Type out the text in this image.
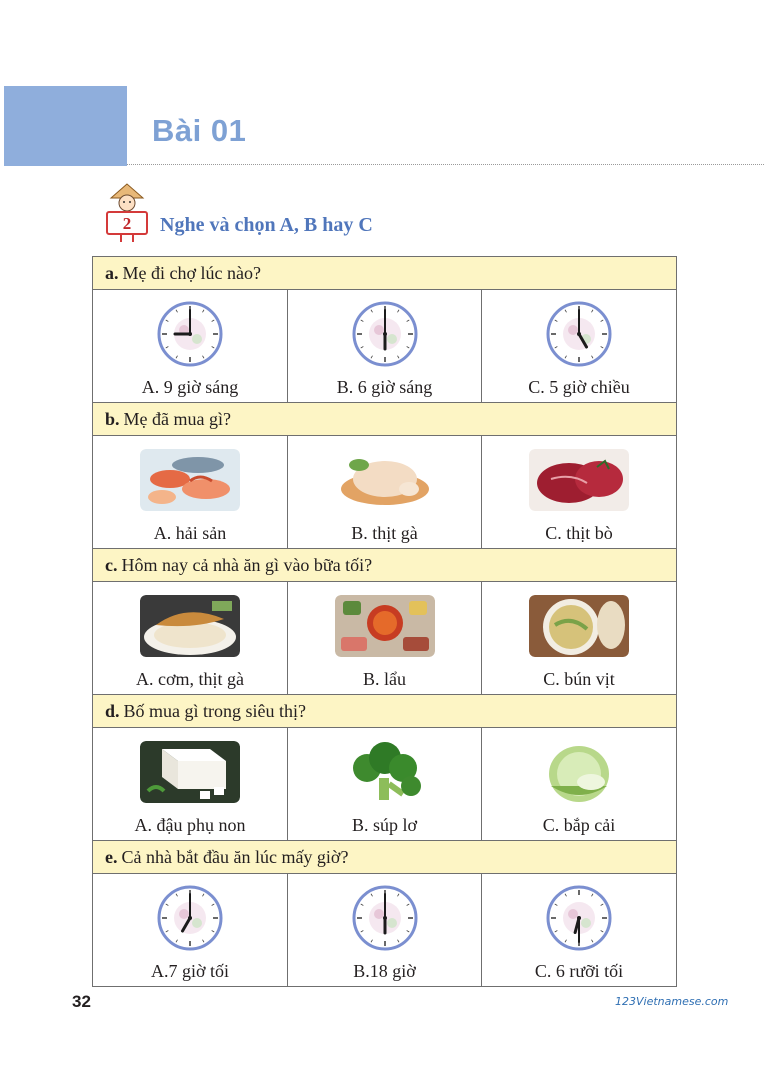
Bài 01
2 Nghe và chọn A, B hay C
a. Mẹ đi chợ lúc nào?		

A. 9 giờ sáng	B. 6 giờ sáng	C. 5 giờ chiều

b. Mẹ đã mua gì?		

A. hải sản	B. thịt gà	C. thịt bò

c. Hôm nay cả nhà ăn gì vào bữa tối?		

A. cơm, thịt gà	B. lẩu	C. bún vịt

d. Bố mua gì trong siêu thị?		

A. đậu phụ non	B. súp lơ	C. bắp cải

e. Cả nhà bắt đầu ăn lúc mấy giờ?		

A.7 giờ tối	B.18 giờ	C. 6 rưỡi tối
32	123Vietnamese.com
